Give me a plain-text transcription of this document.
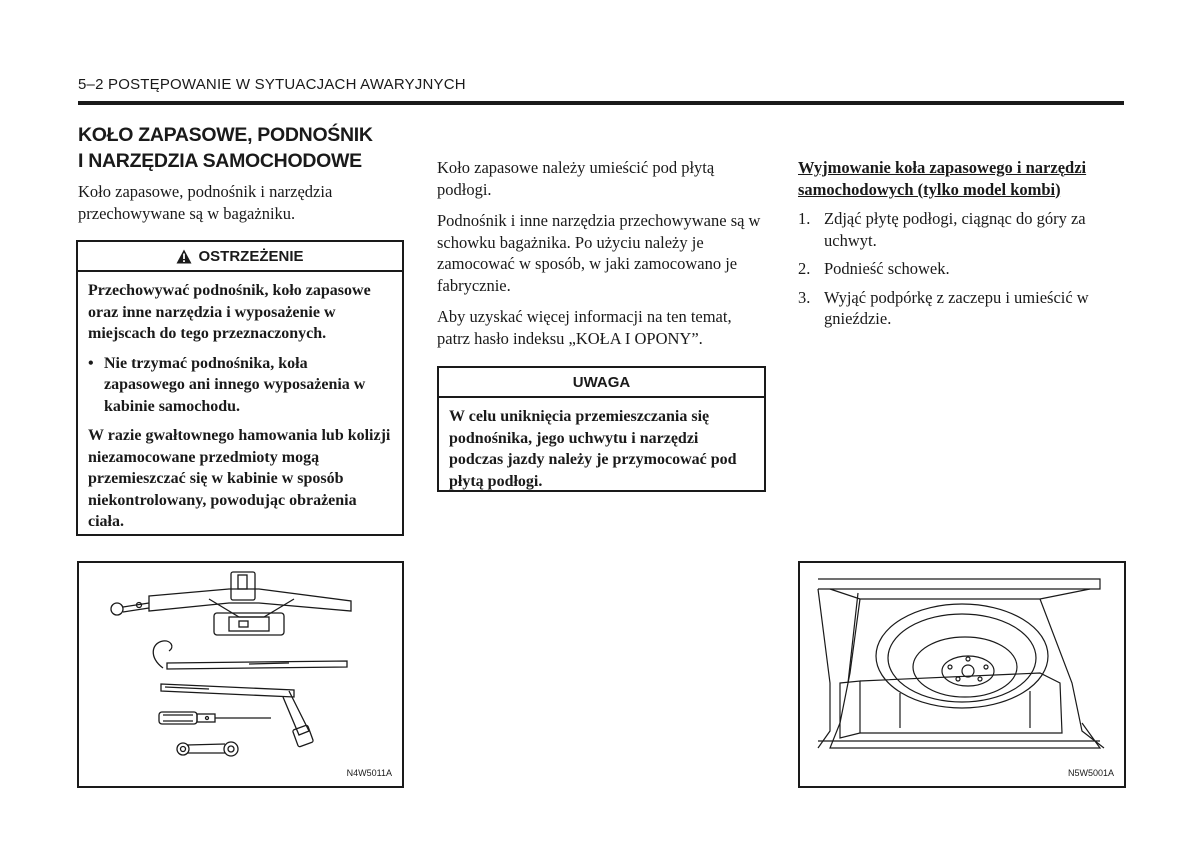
5–2 POSTĘPOWANIE W SYTUACJACH AWARYJNYCH
KOŁO ZAPASOWE, PODNOŚNIK
I NARZĘDZIA SAMOCHODOWE

Koło zapasowe, podnośnik i narzędzia przechowywane są w bagażniku.

OSTRZEŻENIE

Przechowywać podnośnik, koło zapasowe oraz inne narzędzia i wyposażenie w miejscach do tego przeznaczonych.

• Nie trzymać podnośnika, koła zapasowego ani innego wyposażenia w kabinie samochodu.

W razie gwałtownego hamowania lub kolizji niezamocowane przedmioty mogą przemieszczać się w kabinie w sposób niekontrolowany, powodując obrażenia ciała.

Koło zapasowe należy umieścić pod płytą podłogi.

Podnośnik i inne narzędzia przechowywane są w schowku bagażnika. Po użyciu należy je zamocować w sposób, w jaki zamocowano je fabrycznie.

Aby uzyskać więcej informacji na ten temat, patrz hasło indeksu „KOŁA I OPONY”.

UWAGA
W celu uniknięcia przemieszczania się podnośnika, jego uchwytu i narzędzi podczas jazdy należy je przymocować pod płytą podłogi.
Wyjmowanie koła zapasowego i narzędzi samochodowych (tylko model kombi)
1. Zdjąć płytę podłogi, ciągnąc do góry za uchwyt.
2. Podnieść schowek.
3. Wyjąć podpórkę z zaczepu i umieścić w gnieździe.
N4W5011A	N5W5001A
